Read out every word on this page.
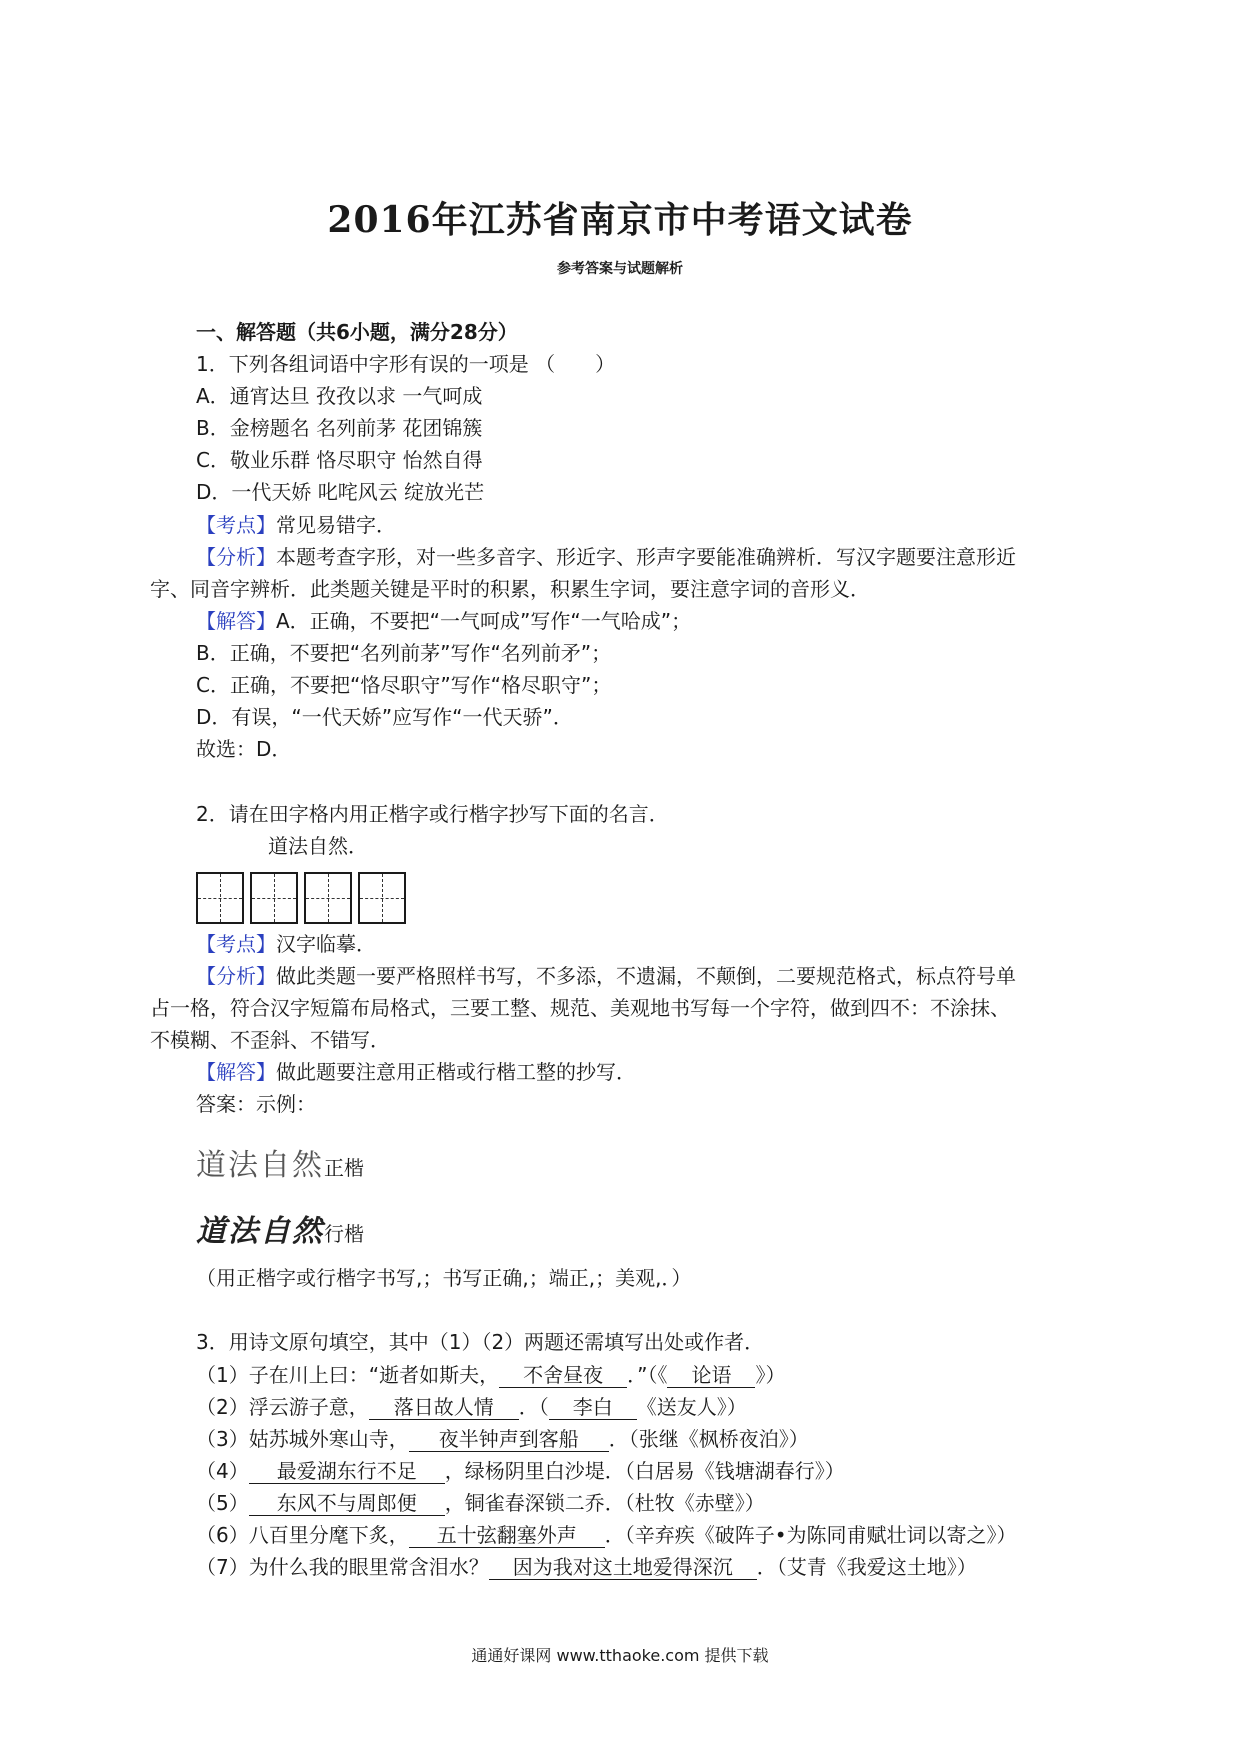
2016年江苏省南京市中考语文试卷
参考答案与试题解析
一、解答题（共6小题，满分28分）
1．下列各组词语中字形有误的一项是 （　　）
A．通宵达旦 孜孜以求 一气呵成
B．金榜题名 名列前茅 花团锦簇
C．敬业乐群 恪尽职守 怡然自得
D．一代天娇 叱咤风云 绽放光芒
【考点】常见易错字．
【分析】本题考查字形，对一些多音字、形近字、形声字要能准确辨析．写汉字题要注意形近
字、同音字辨析．此类题关键是平时的积累，积累生字词，要注意字词的音形义．
【解答】A．正确，不要把“一气呵成”写作“一气哈成”；
B．正确，不要把“名列前茅”写作“名列前矛”；
C．正确，不要把“恪尽职守”写作“格尽职守”；
D．有误，“一代天娇”应写作“一代天骄”．
故选：D．
2．请在田字格内用正楷字或行楷字抄写下面的名言．
道法自然．
【考点】汉字临摹．
【分析】做此类题一要严格照样书写，不多添，不遗漏，不颠倒，二要规范格式，标点符号单
占一格，符合汉字短篇布局格式，三要工整、规范、美观地书写每一个字符，做到四不：不涂抹、
不模糊、不歪斜、不错写．
【解答】做此题要注意用正楷或行楷工整的抄写．
答案：示例：
道法自然正楷
道法自然行楷
（用正楷字或行楷字书写,；书写正确,；端正,；美观,．）
3．用诗文原句填空，其中（1）（2）两题还需填写出处或作者．
（1）子在川上曰：“逝者如斯夫， 不舍昼夜 ．”（《 论语 》）
（2）浮云游子意， 落日故人情 ．（ 李白 《送友人》）
（3）姑苏城外寒山寺， 夜半钟声到客船 ．（张继《枫桥夜泊》）
（4） 最爱湖东行不足 ，绿杨阴里白沙堤．（白居易《钱塘湖春行》）
（5） 东风不与周郎便 ，铜雀春深锁二乔．（杜牧《赤壁》）
（6）八百里分麾下炙， 五十弦翻塞外声 ．（辛弃疾《破阵子•为陈同甫赋壮词以寄之》）
（7）为什么我的眼里常含泪水？ 因为我对这土地爱得深沉 ．（艾青《我爱这土地》）
通通好课网 www.tthaoke.com 提供下载
